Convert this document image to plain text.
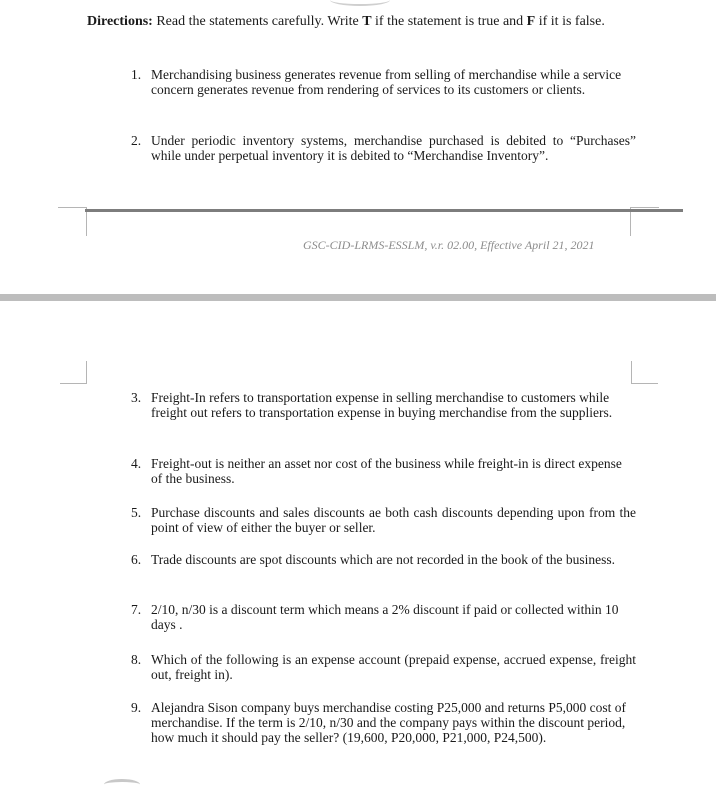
Directions: Read the statements carefully. Write T if the statement is true and F if it is false.
1. Merchandising business generates revenue from selling of merchandise while a service concern generates revenue from rendering of services to its customers or clients.
2. Under periodic inventory systems, merchandise purchased is debited to “Purchases” while under perpetual inventory it is debited to “Merchandise Inventory”.
GSC-CID-LRMS-ESSLM, v.r. 02.00, Effective April 21, 2021
3. Freight-In refers to transportation expense in selling merchandise to customers while freight out refers to transportation expense in buying merchandise from the suppliers.
4. Freight-out is neither an asset nor cost of the business while freight-in is direct expense of the business.
5. Purchase discounts and sales discounts ae both cash discounts depending upon from the point of view of either the buyer or seller.
6. Trade discounts are spot discounts which are not recorded in the book of the business.
7. 2/10, n/30 is a discount term which means a 2% discount if paid or collected within 10 days .
8. Which of the following is an expense account (prepaid expense, accrued expense, freight out, freight in).
9. Alejandra Sison company buys merchandise costing P25,000 and returns P5,000 cost of merchandise. If the term is 2/10, n/30 and the company pays within the discount period, how much it should pay the seller? (19,600, P20,000, P21,000, P24,500).
